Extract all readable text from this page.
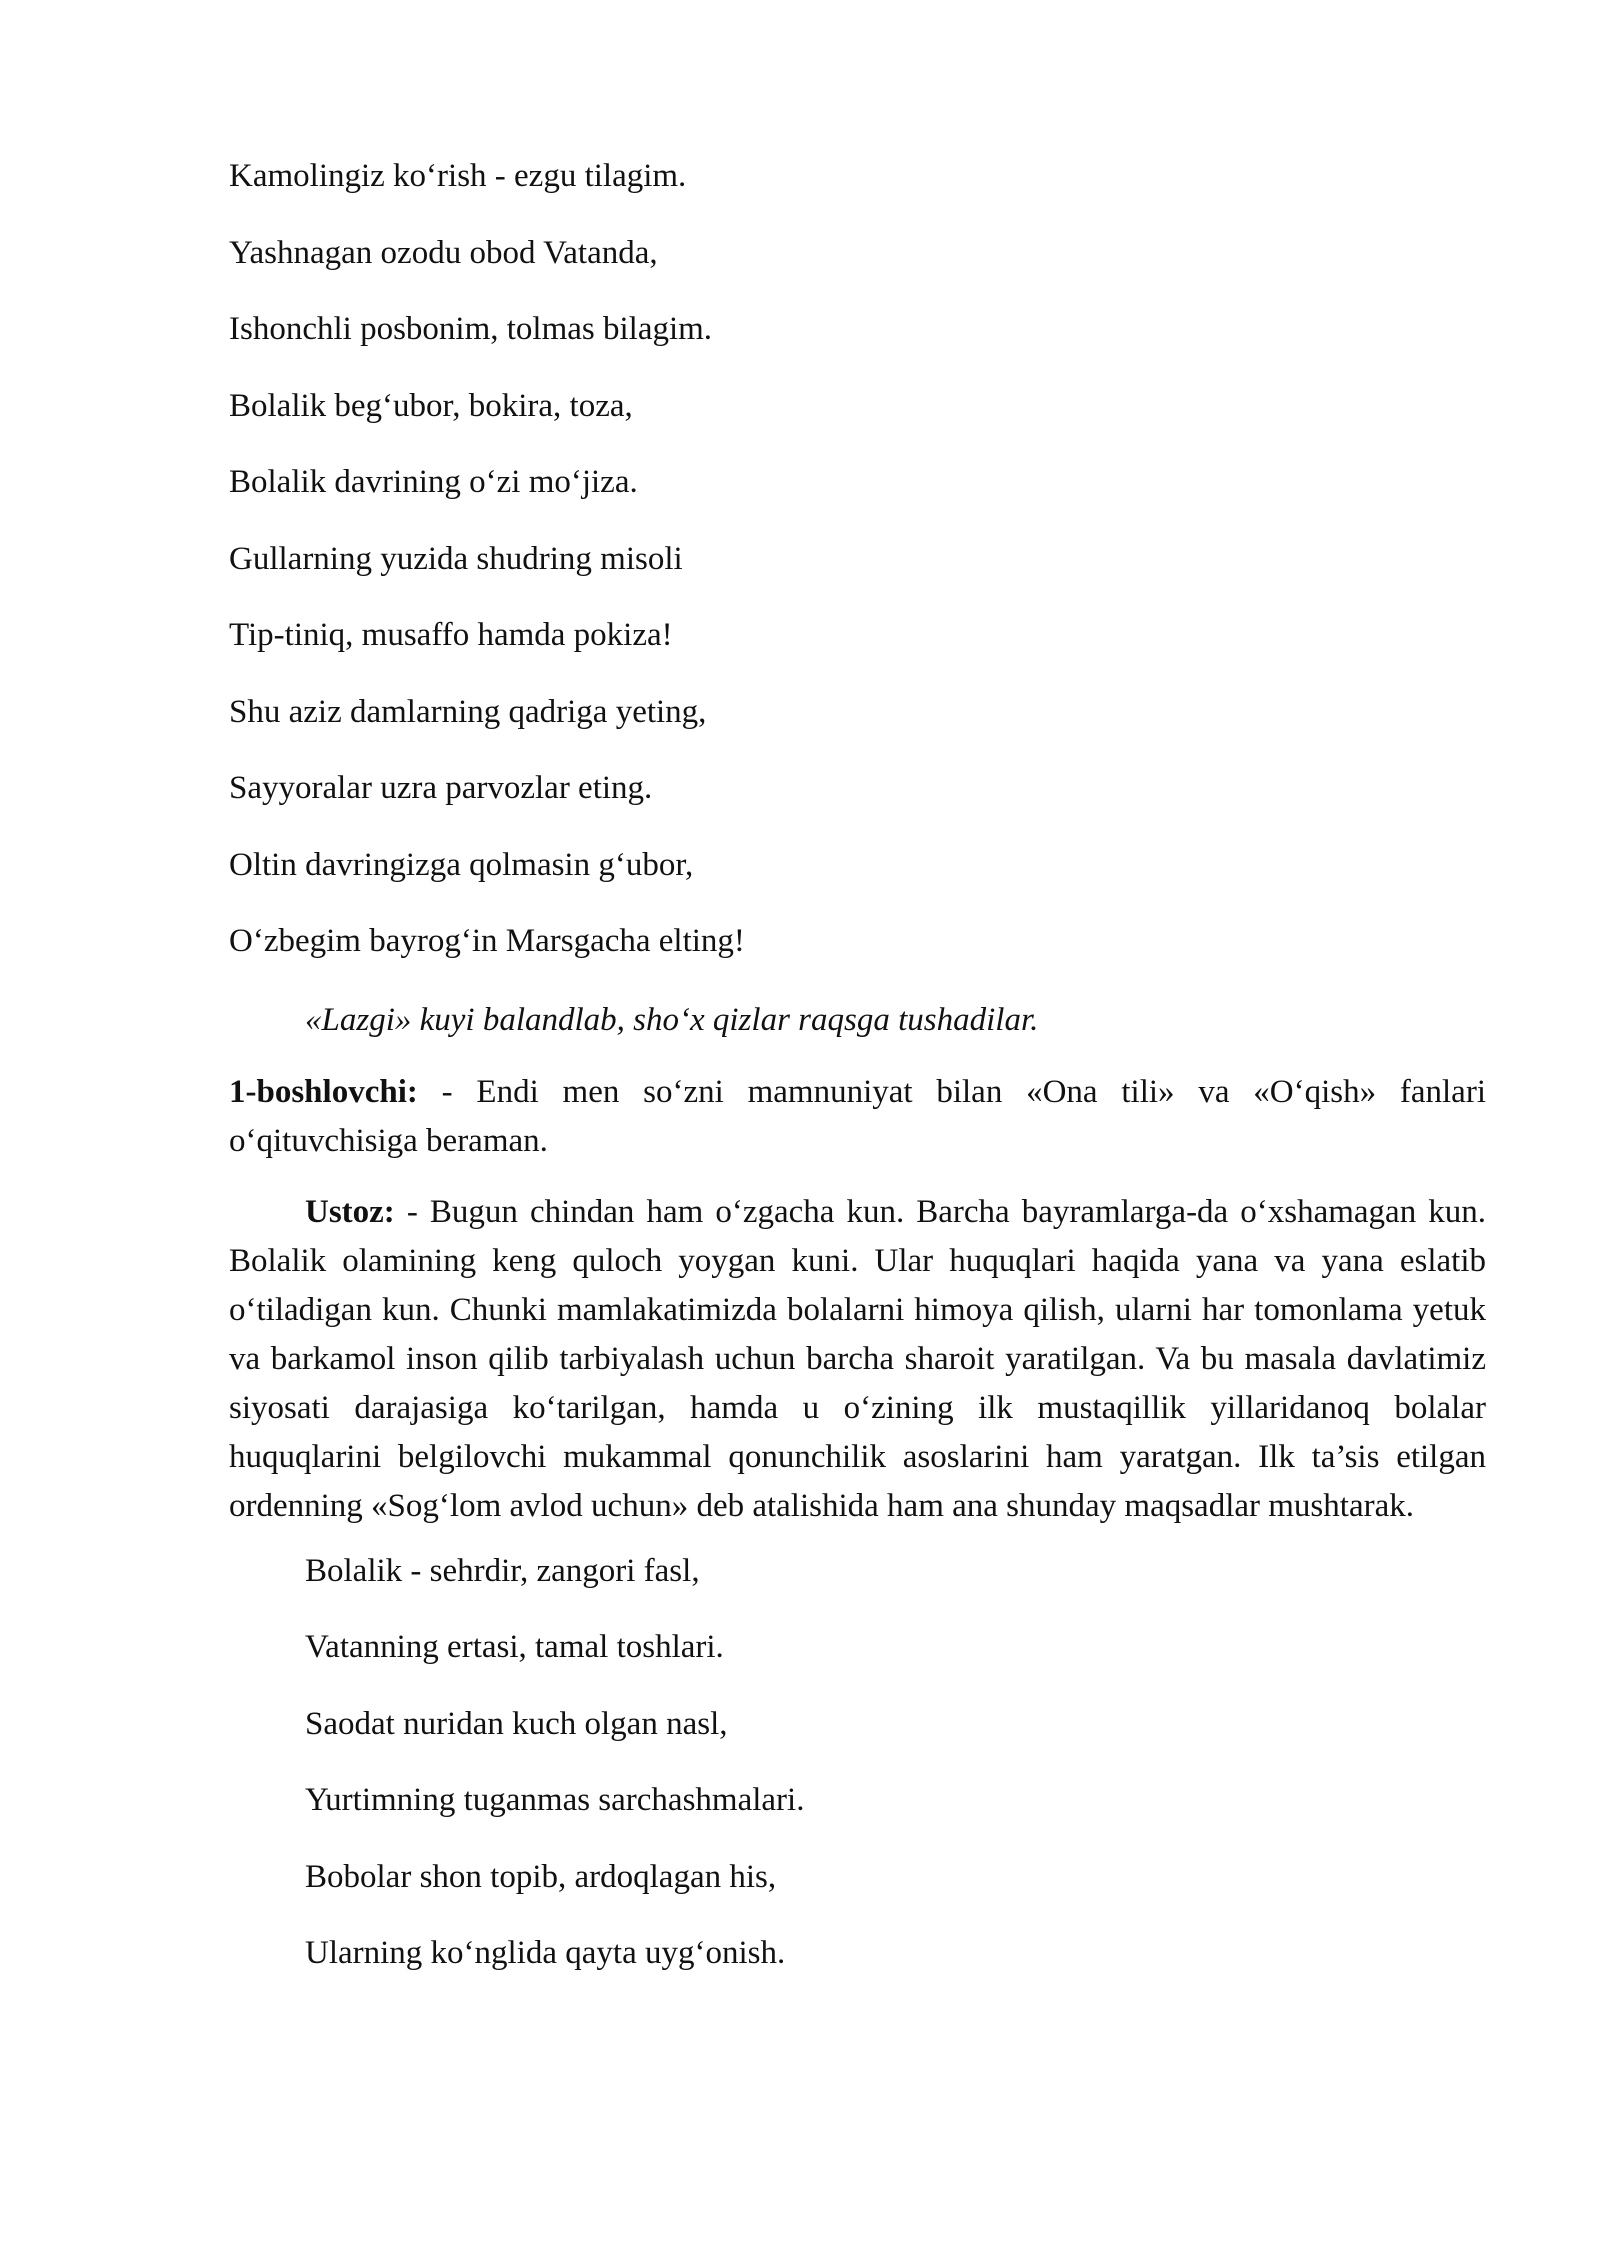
Kamolingiz ko‘rish - ezgu tilagim.

Yashnagan ozodu obod Vatanda,

Ishonchli posbonim, tolmas bilagim.

Bolalik beg‘ubor, bokira, toza,

Bolalik davrining o‘zi mo‘jiza.

Gullarning yuzida shudring misoli

Tip-tiniq, musaffo hamda pokiza!

Shu aziz damlarning qadriga yeting,

Sayyoralar uzra parvozlar eting.

Oltin davringizga qolmasin g‘ubor,

O‘zbegim bayrog‘in Marsgacha elting!

«Lazgi» kuyi balandlab, sho‘x qizlar raqsga tushadilar.

1-boshlovchi: - Endi men so‘zni mamnuniyat bilan «Ona tili» va «O‘qish» fanlari o‘qituvchisiga beraman.

Ustoz: - Bugun chindan ham o‘zgacha kun. Barcha bayramlarga-da o‘xshamagan kun. Bolalik olamining keng quloch yoygan kuni. Ular huquqlari haqida yana va yana eslatib o‘tiladigan kun. Chunki mamlakatimizda bolalarni himoya qilish, ularni har tomonlama yetuk va barkamol inson qilib tarbiyalash uchun barcha sharoit yaratilgan. Va bu masala davlatimiz siyosati darajasiga ko‘tarilgan, hamda u o‘zining ilk mustaqillik yillaridanoq bolalar huquqlarini belgilovchi mukammal qonunchilik asoslarini ham yaratgan. Ilk ta’sis etilgan ordenning «Sog‘lom avlod uchun» deb atalishida ham ana shunday maqsadlar mushtarak.

Bolalik - sehrdir, zangori fasl,

Vatanning ertasi, tamal toshlari.

Saodat nuridan kuch olgan nasl,

Yurtimning tuganmas sarchashmalari.

Bobolar shon topib, ardoqlagan his,

Ularning ko‘nglida qayta uyg‘onish.
